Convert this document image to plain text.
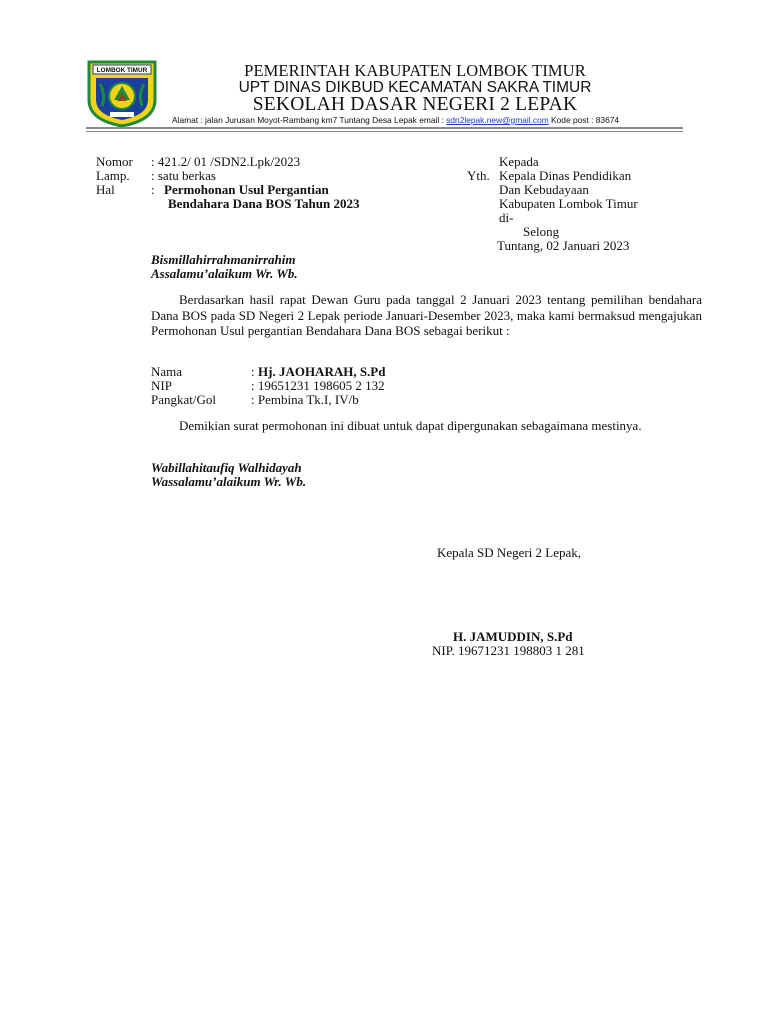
LOMBOK TIMUR	PEMERINTAH KABUPATEN LOMBOK TIMUR
UPT DINAS DIKBUD KECAMATAN SAKRA TIMUR
SEKOLAH DASAR NEGERI 2 LEPAK
Alamat : jalan Jurusan Moyot-Rambang km7 Tuntang Desa Lepak email : sdn2lepak.new@gmail.com Kode post : 83674
Nomor : 421.2/ 01 /SDN2.Lpk/2023
Lamp. : satu berkas
Hal	: Permohonan Usul Pergantian
Bendahara Dana BOS Tahun 2023
Kepada
Yth. Kepala Dinas Pendidikan
Dan Kebudayaan
Kabupaten Lombok Timur
di-
Selong
Tuntang, 02 Januari 2023
Bismillahirrahmanirrahim
Assalamu’alaikum Wr. Wb.
Berdasarkan hasil rapat Dewan Guru pada tanggal 2 Januari 2023 tentang pemilihan bendahara Dana BOS pada SD Negeri 2 Lepak periode Januari-Desember 2023, maka kami bermaksud mengajukan Permohonan Usul pergantian Bendahara Dana BOS sebagai berikut :
Nama	: Hj. JAOHARAH, S.Pd
NIP	: 19651231 198605 2 132
Pangkat/Gol	: Pembina Tk.I, IV/b
Demikian surat permohonan ini dibuat untuk dapat dipergunakan sebagaimana mestinya.
Wabillahitaufiq Walhidayah
Wassalamu’alaikum Wr. Wb.
Kepala SD Negeri 2 Lepak,
H. JAMUDDIN, S.Pd
NIP. 19671231 198803 1 281
